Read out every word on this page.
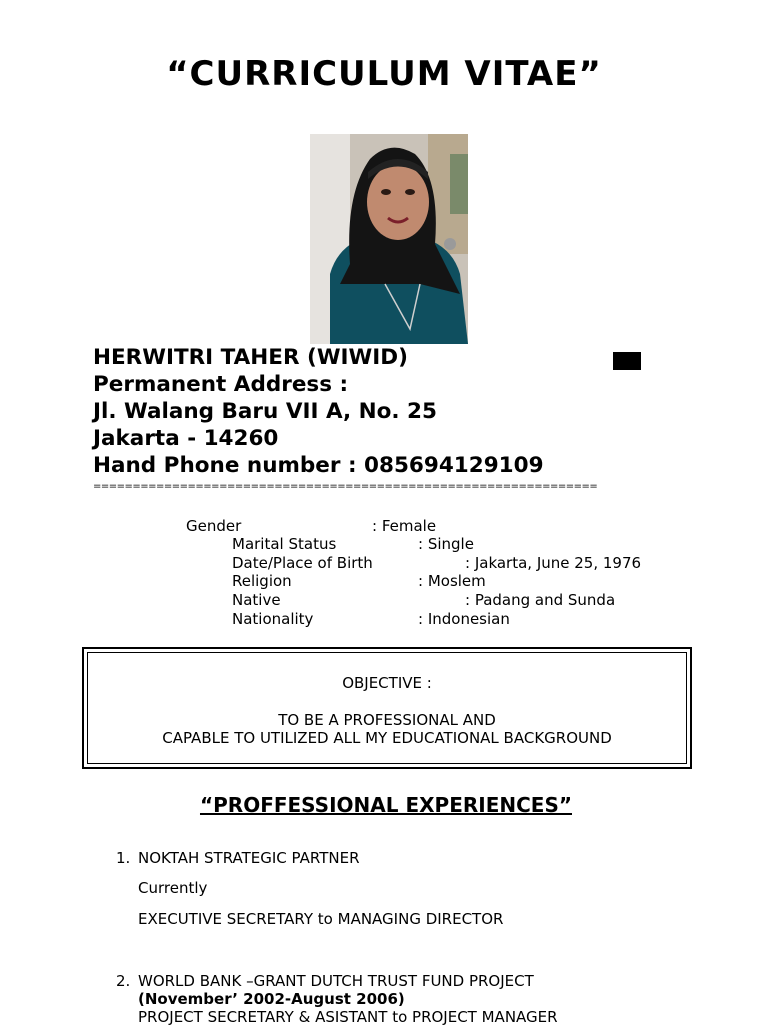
“CURRICULUM VITAE”
HERWITRI TAHER (WIWID)
Permanent Address :
Jl. Walang Baru VII A, No. 25
Jakarta - 14260
Hand Phone number : 085694129109
================================================================
Gender	: Female
Marital Status	: Single
Date/Place of Birth	: Jakarta, June 25, 1976
Religion	: Moslem
Native	: Padang and Sunda
Nationality	: Indonesian
OBJECTIVE :
TO BE A PROFESSIONAL AND
CAPABLE TO UTILIZED ALL MY EDUCATIONAL BACKGROUND
“PROFFESSIONAL EXPERIENCES”
1. NOKTAH STRATEGIC PARTNER
Currently
EXECUTIVE SECRETARY to MANAGING DIRECTOR
2. WORLD BANK –GRANT DUTCH TRUST FUND PROJECT
(November’ 2002-August 2006)
PROJECT SECRETARY & ASISTANT to PROJECT MANAGER
